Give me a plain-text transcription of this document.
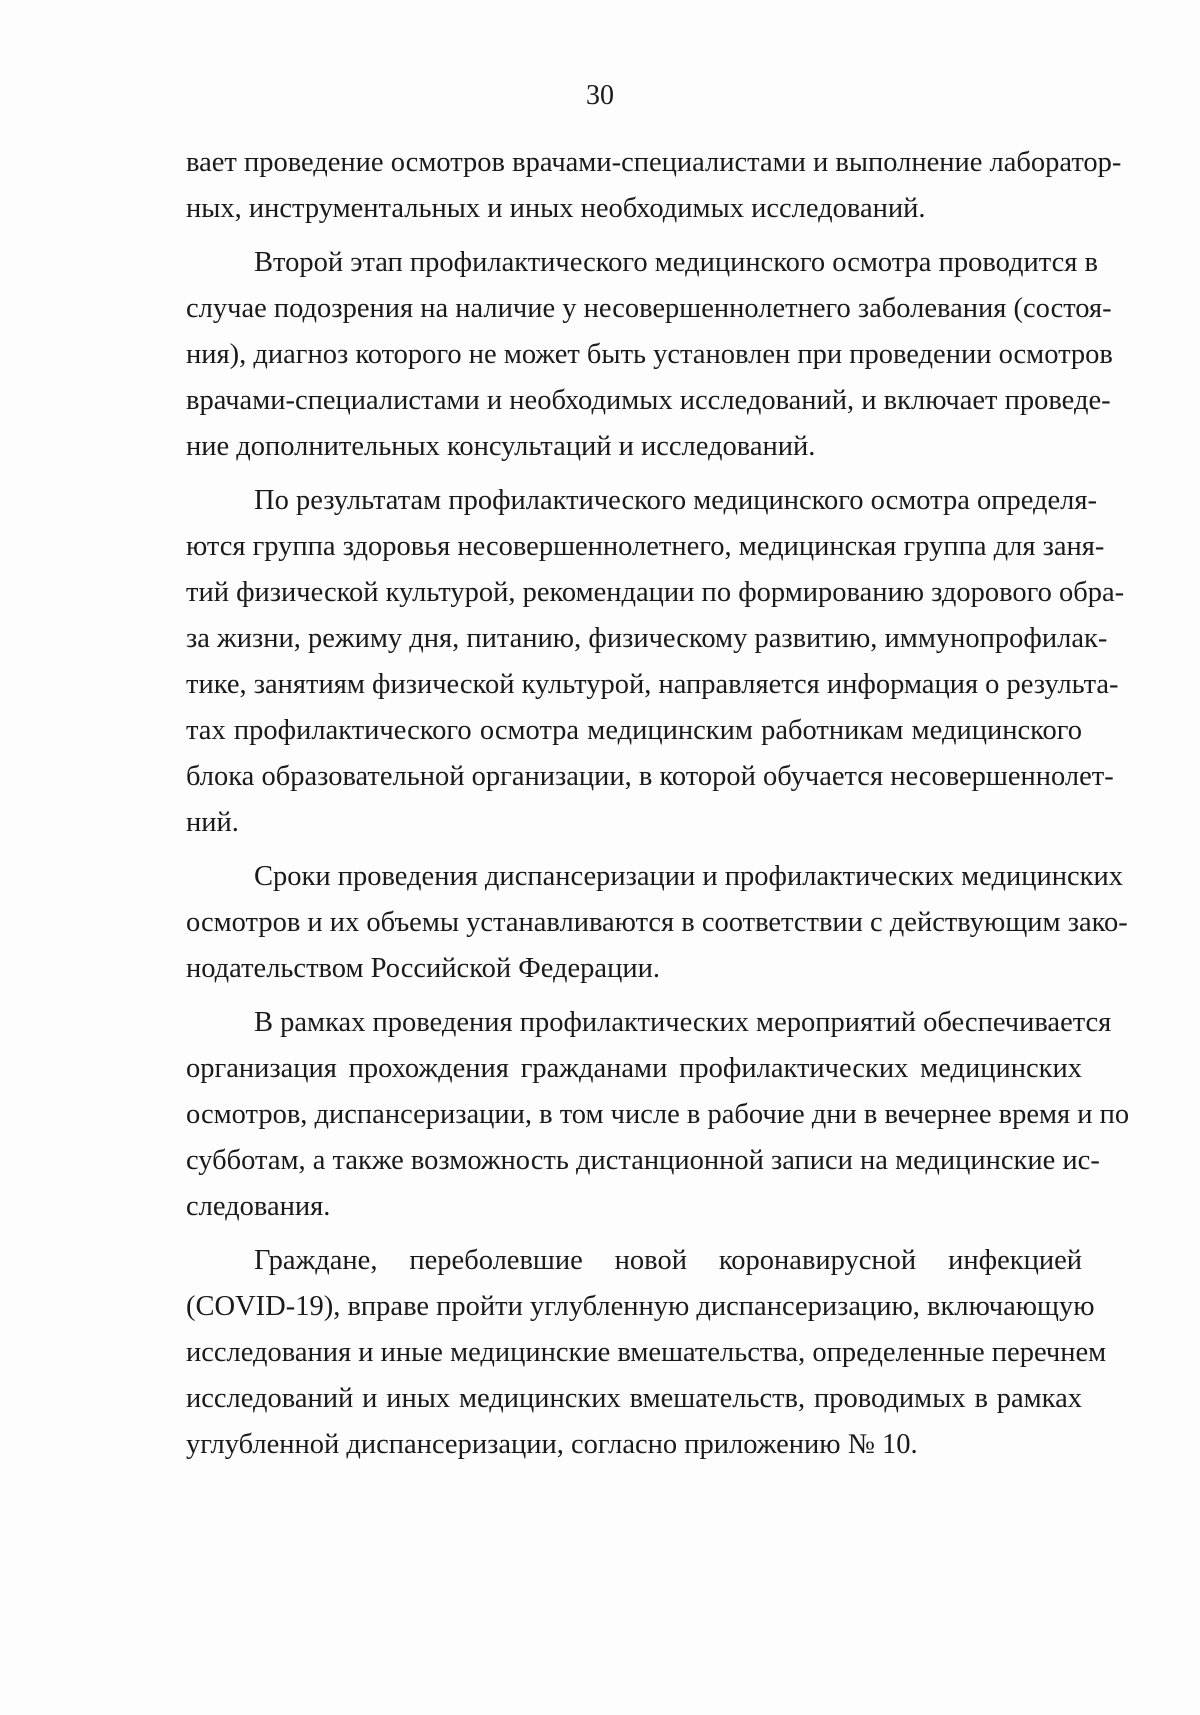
30
вает проведение осмотров врачами-специалистами и выполнение лаборатор-
ных, инструментальных и иных необходимых исследований.
Второй этап профилактического медицинского осмотра проводится в
случае подозрения на наличие у несовершеннолетнего заболевания (состоя-
ния), диагноз которого не может быть установлен при проведении осмотров
врачами-специалистами и необходимых исследований, и включает проведе-
ние дополнительных консультаций и исследований.
По результатам профилактического медицинского осмотра определя-
ются группа здоровья несовершеннолетнего, медицинская группа для заня-
тий физической культурой, рекомендации по формированию здорового обра-
за жизни, режиму дня, питанию, физическому развитию, иммунопрофилак-
тике, занятиям физической культурой, направляется информация о результа-
тах профилактического осмотра медицинским работникам медицинского
блока образовательной организации, в которой обучается несовершеннолет-
ний.
Сроки проведения диспансеризации и профилактических медицинских
осмотров и их объемы устанавливаются в соответствии с действующим зако-
нодательством Российской Федерации.
В рамках проведения профилактических мероприятий обеспечивается
организация прохождения гражданами профилактических медицинских
осмотров, диспансеризации, в том числе в рабочие дни в вечернее время и по
субботам, а также возможность дистанционной записи на медицинские ис-
следования.
Граждане, переболевшие новой коронавирусной инфекцией
(COVID-19), вправе пройти углубленную диспансеризацию, включающую
исследования и иные медицинские вмешательства, определенные перечнем
исследований и иных медицинских вмешательств, проводимых в рамках
углубленной диспансеризации, согласно приложению № 10.
